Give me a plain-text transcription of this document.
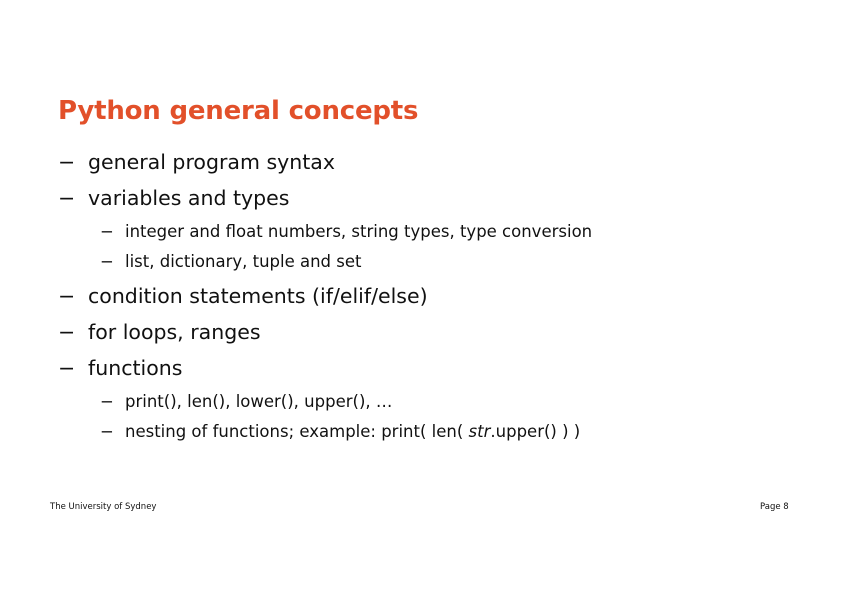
Python general concepts
− general program syntax
− variables and types
− integer and float numbers, string types, type conversion
− list, dictionary, tuple and set
− condition statements (if/elif/else)
− for loops, ranges
− functions
− print(), len(), lower(), upper(), …
− nesting of functions; example: print( len( str.upper() ) )
The University of Sydney	Page 8
